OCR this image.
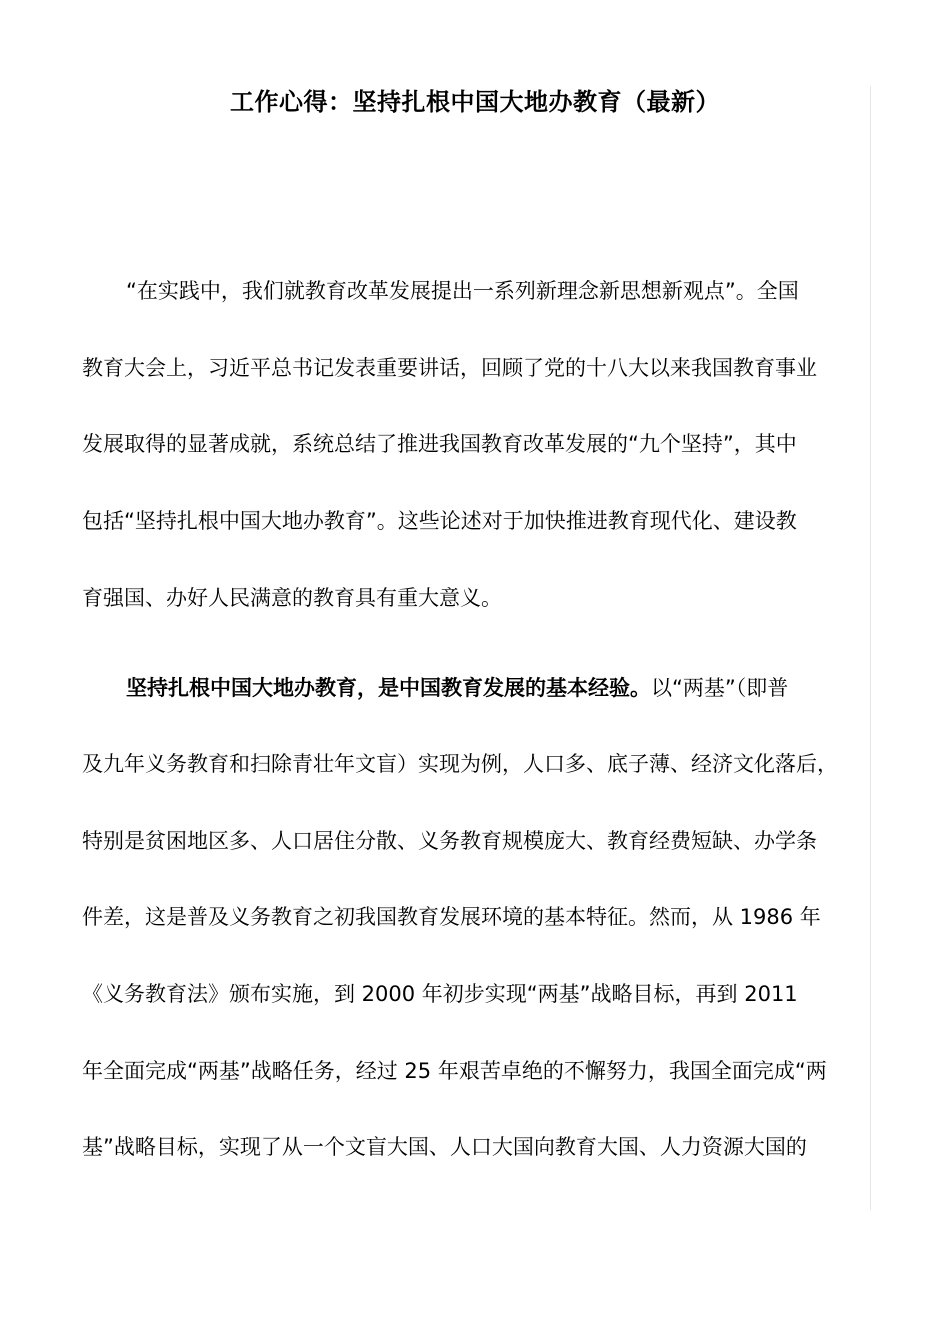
工作心得：坚持扎根中国大地办教育（最新）
“在实践中，我们就教育改革发展提出一系列新理念新思想新观点”。全国
教育大会上，习近平总书记发表重要讲话，回顾了党的十八大以来我国教育事业
发展取得的显著成就，系统总结了推进我国教育改革发展的“九个坚持”，其中
包括“坚持扎根中国大地办教育”。这些论述对于加快推进教育现代化、建设教
育强国、办好人民满意的教育具有重大意义。
坚持扎根中国大地办教育，是中国教育发展的基本经验。以“两基”（即普
及九年义务教育和扫除青壮年文盲）实现为例，人口多、底子薄、经济文化落后，
特别是贫困地区多、人口居住分散、义务教育规模庞大、教育经费短缺、办学条
件差，这是普及义务教育之初我国教育发展环境的基本特征。然而，从 1986 年
《义务教育法》颁布实施，到 2000 年初步实现“两基”战略目标，再到 2011
年全面完成“两基”战略任务，经过 25 年艰苦卓绝的不懈努力，我国全面完成“两
基”战略目标，实现了从一个文盲大国、人口大国向教育大国、人力资源大国的
